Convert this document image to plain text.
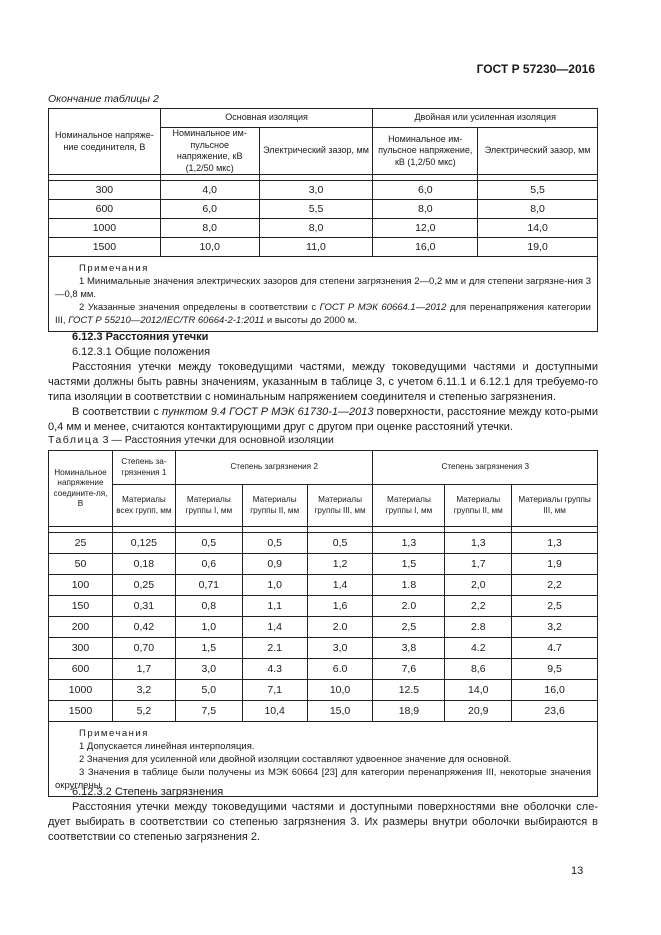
ГОСТ Р 57230—2016
Окончание таблицы 2
Номинальное напряже-ние соединителя, В	Основная изоляция		Двойная или усиленная изоляция	
	Номинальное им-пульсное напряжение, кВ (1,2/50 мкс)	Электрический зазор, мм	Номинальное им-пульсное напряжение, кВ (1,2/50 мкс)	Электрический зазор, мм

300	4,0	3,0	6,0	5,5
600	6,0	5,5	8,0	8,0
1000	8,0	8,0	12,0	14,0
1500	10,0	11,0	16,0	19,0

Примечания
1 Минимальные значения электрических зазоров для степени загрязнения 2—0,2 мм и для степени загрязне-ния 3—0,8 мм.
2 Указанные значения определены в соответствии с ГОСТ Р МЭК 60664.1—2012 для перенапряжения категории III, ГОСТ Р 55210—2012/IEC/TR 60664-2-1:2011 и высоты до 2000 м.				

6.12.3 Расстояния утечки

6.12.3.1 Общие положения

Расстояния утечки между токоведущими частями, между токоведущими частями и доступными частями должны быть равны значениям, указанным в таблице 3, с учетом 6.11.1 и 6.12.1 для требуемо-го типа изоляции в соответствии с номинальным напряжением соединителя и степенью загрязнения.

В соответствии с пунктом 9.4 ГОСТ Р МЭК 61730-1—2013 поверхности, расстояние между кото-рыми 0,4 мм и менее, считаются контактирующими друг с другом при оценке расстояний утечки.

Таблица 3 — Расстояния утечки для основной изоляции
Номинальное напряжение соедините-ля, В	Степень за-грязнения 1	Степень загрязнения 2			Степень загрязнения 3		
	Материалы всех групп, мм	Материалы группы I, мм	Материалы группы II, мм	Материалы группы III, мм	Материалы группы I, мм	Материалы группы II, мм	Материалы группы III, мм

25	0,125	0,5	0,5	0,5	1,3	1,3	1,3
50	0,18	0,6	0,9	1,2	1,5	1,7	1,9
100	0,25	0,71	1,0	1,4	1.8	2,0	2,2
150	0,31	0,8	1,1	1,6	2.0	2,2	2,5
200	0,42	1,0	1,4	2.0	2,5	2.8	3,2
300	0,70	1,5	2.1	3,0	3,8	4.2	4.7
600	1,7	3,0	4.3	6.0	7,6	8,6	9,5
1000	3,2	5,0	7,1	10,0	12.5	14,0	16,0
1500	5,2	7,5	10,4	15,0	18,9	20,9	23,6

Примечания
1 Допускается линейная интерполяция.
2 Значения для усиленной или двойной изоляции составляют удвоенное значение для основной.
3 Значения в таблице были получены из МЭК 60664 [23] для категории перенапряжения III, некоторые значения округлены.							

6.12.3.2 Степень загрязнения

Расстояния утечки между токоведущими частями и доступными поверхностями вне оболочки сле-дует выбирать в соответствии со степенью загрязнения 3. Их размеры внутри оболочки выбираются в соответствии со степенью загрязнения 2.

13
